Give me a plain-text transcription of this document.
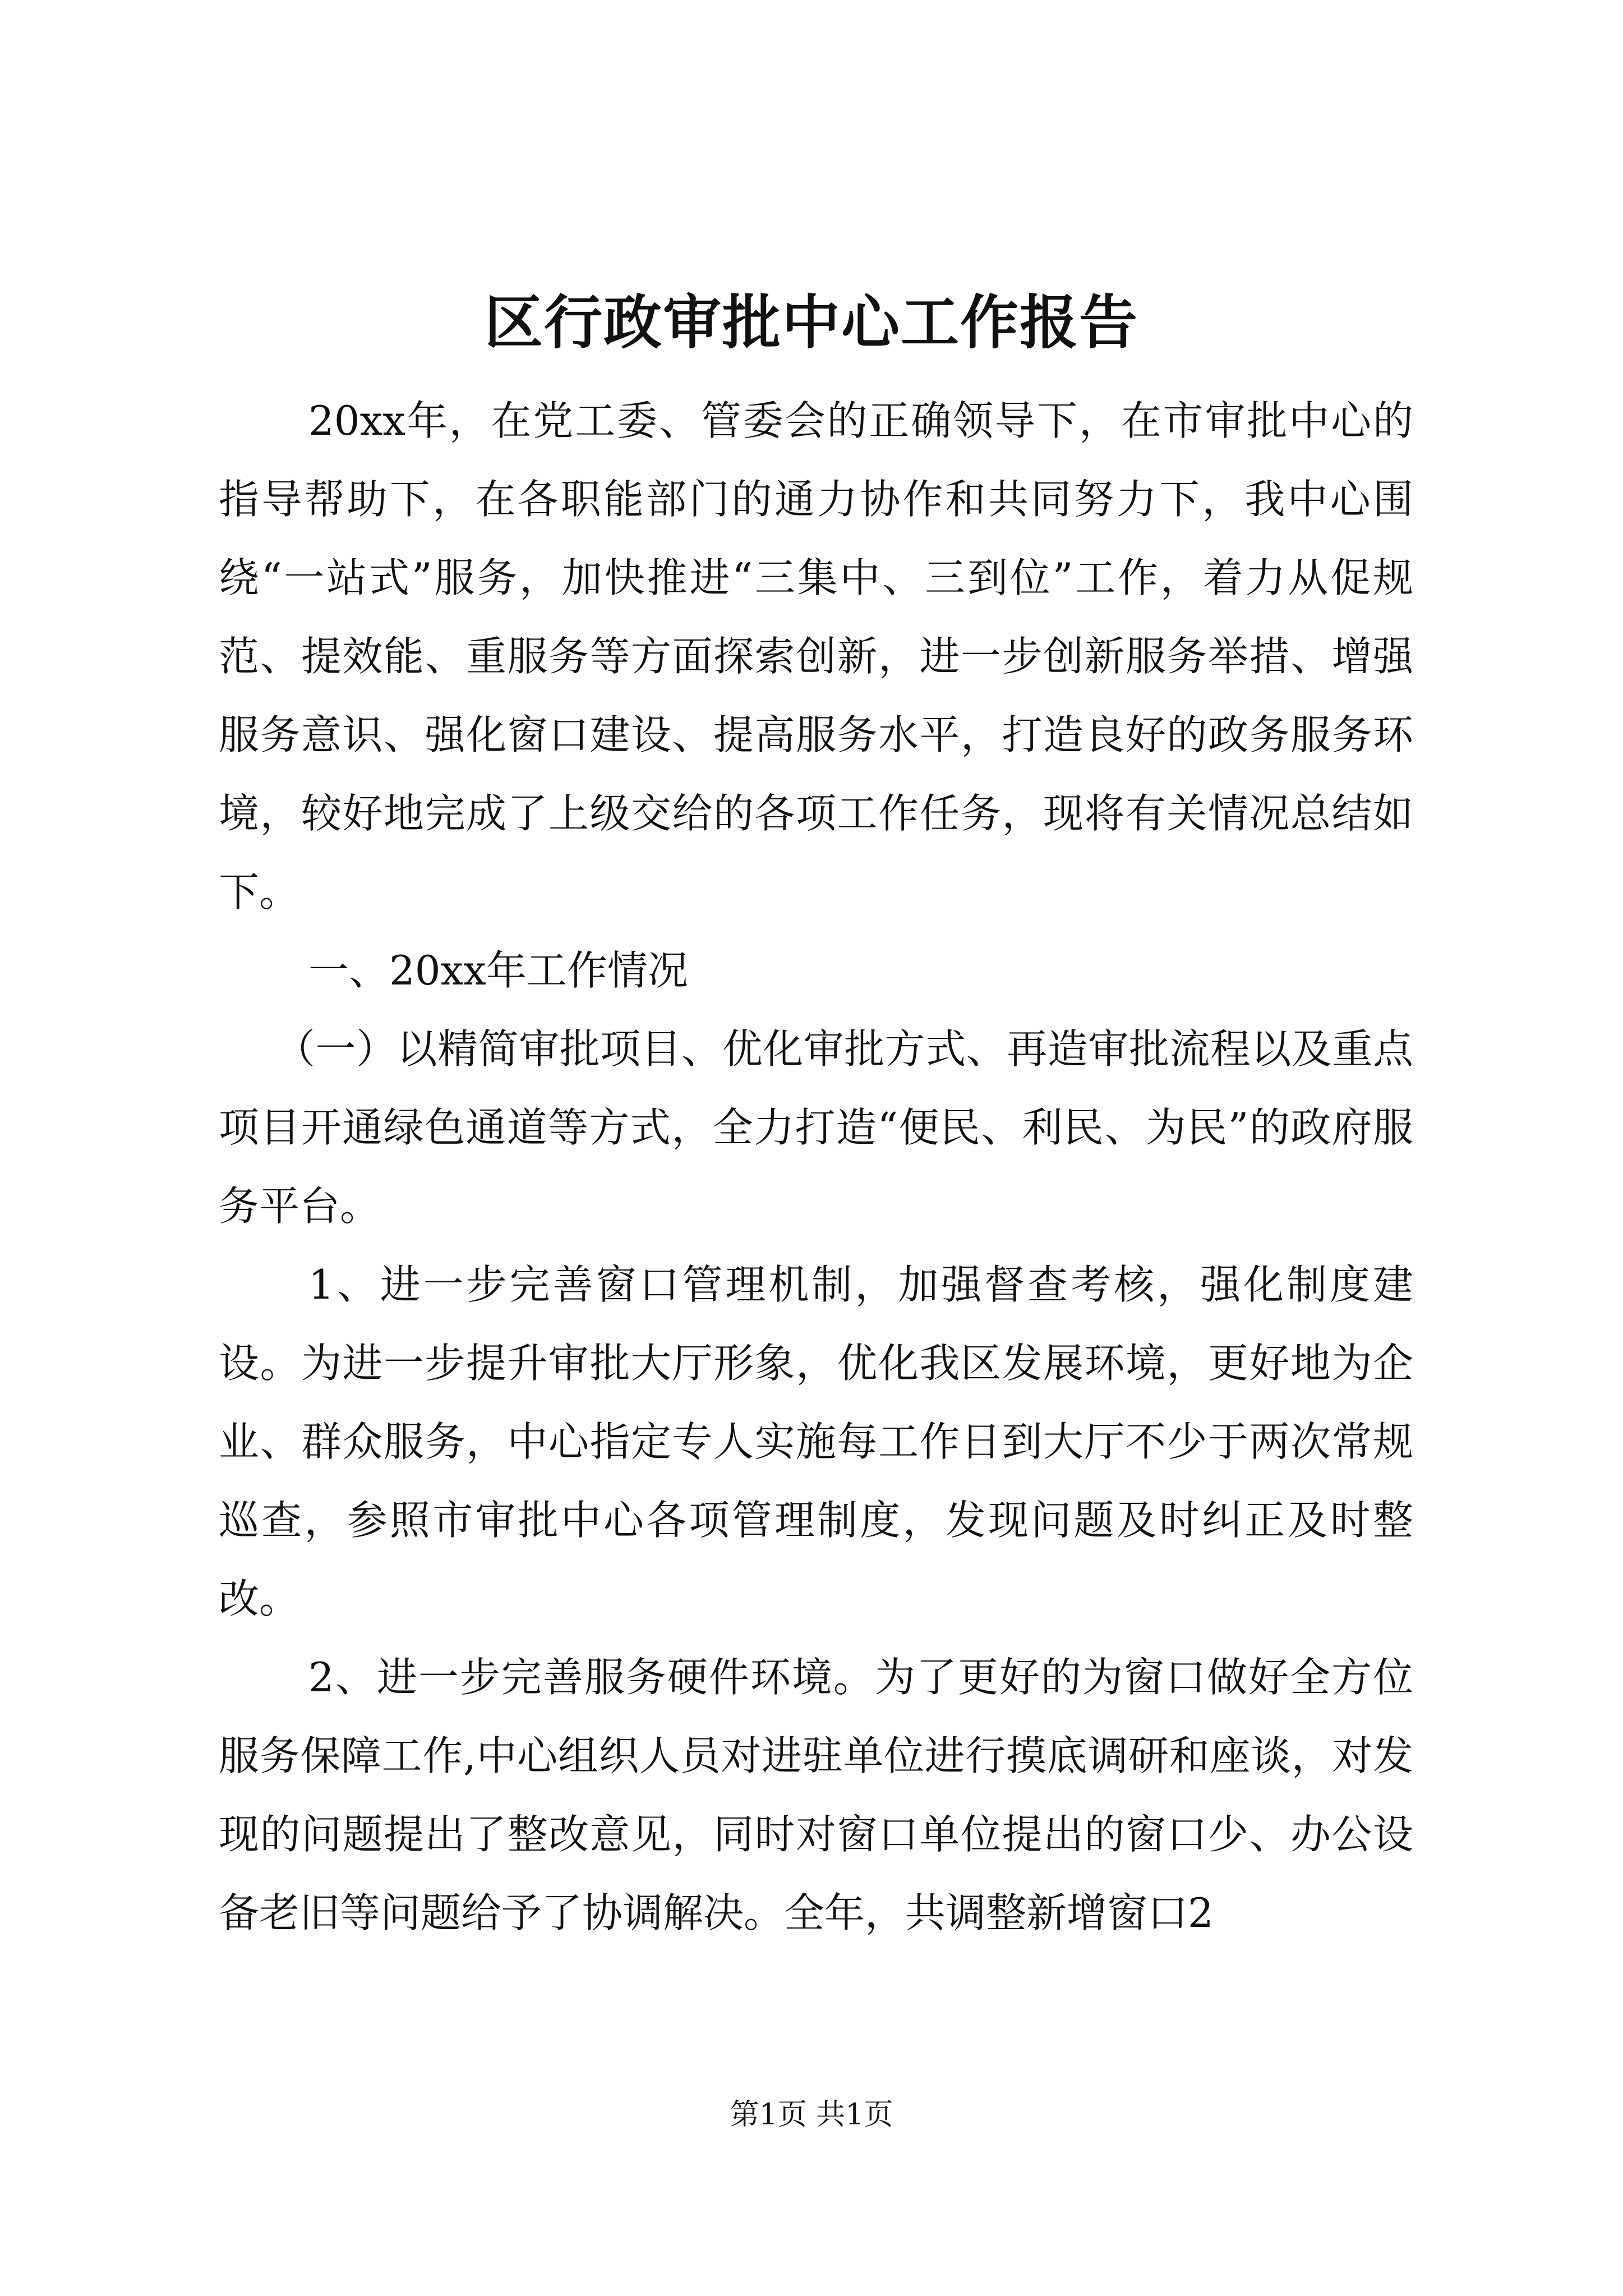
区行政审批中心工作报告

20xx年，在党工委、管委会的正确领导下，在市审批中心的指导帮助下，在各职能部门的通力协作和共同努力下，我中心围绕“一站式”服务，加快推进“三集中、三到位”工作，着力从促规范、提效能、重服务等方面探索创新，进一步创新服务举措、增强服务意识、强化窗口建设、提高服务水平，打造良好的政务服务环境，较好地完成了上级交给的各项工作任务，现将有关情况总结如下。

一、20xx年工作情况

（一）以精简审批项目、优化审批方式、再造审批流程以及重点项目开通绿色通道等方式，全力打造“便民、利民、为民”的政府服务平台。

1、进一步完善窗口管理机制，加强督查考核，强化制度建设。为进一步提升审批大厅形象，优化我区发展环境，更好地为企业、群众服务，中心指定专人实施每工作日到大厅不少于两次常规巡查，参照市审批中心各项管理制度，发现问题及时纠正及时整改。

2、进一步完善服务硬件环境。为了更好的为窗口做好全方位服务保障工作,中心组织人员对进驻单位进行摸底调研和座谈，对发现的问题提出了整改意见，同时对窗口单位提出的窗口少、办公设备老旧等问题给予了协调解决。全年，共调整新增窗口2

第1页 共1页
